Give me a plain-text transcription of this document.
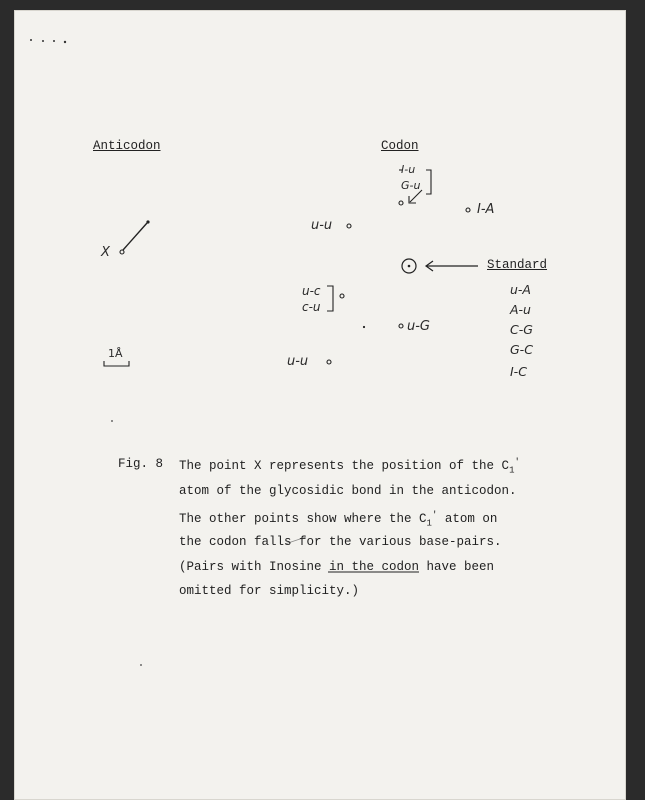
Anticodon	Codon
X
I-u
G-u
I-A
u-u
Standard
u-c
c-u
u-G
u-u
1Å
u-A
A-u
C-G
G-C
I-C
Fig. 8 The point X represents the position of the $C_1'$
atom of the glycosidic bond in the anticodon.
The other points show where the $C_1'$ atom on
the codon falls for the various base-pairs.
(Pairs with Inosine in the codon have been
omitted for simplicity.)
